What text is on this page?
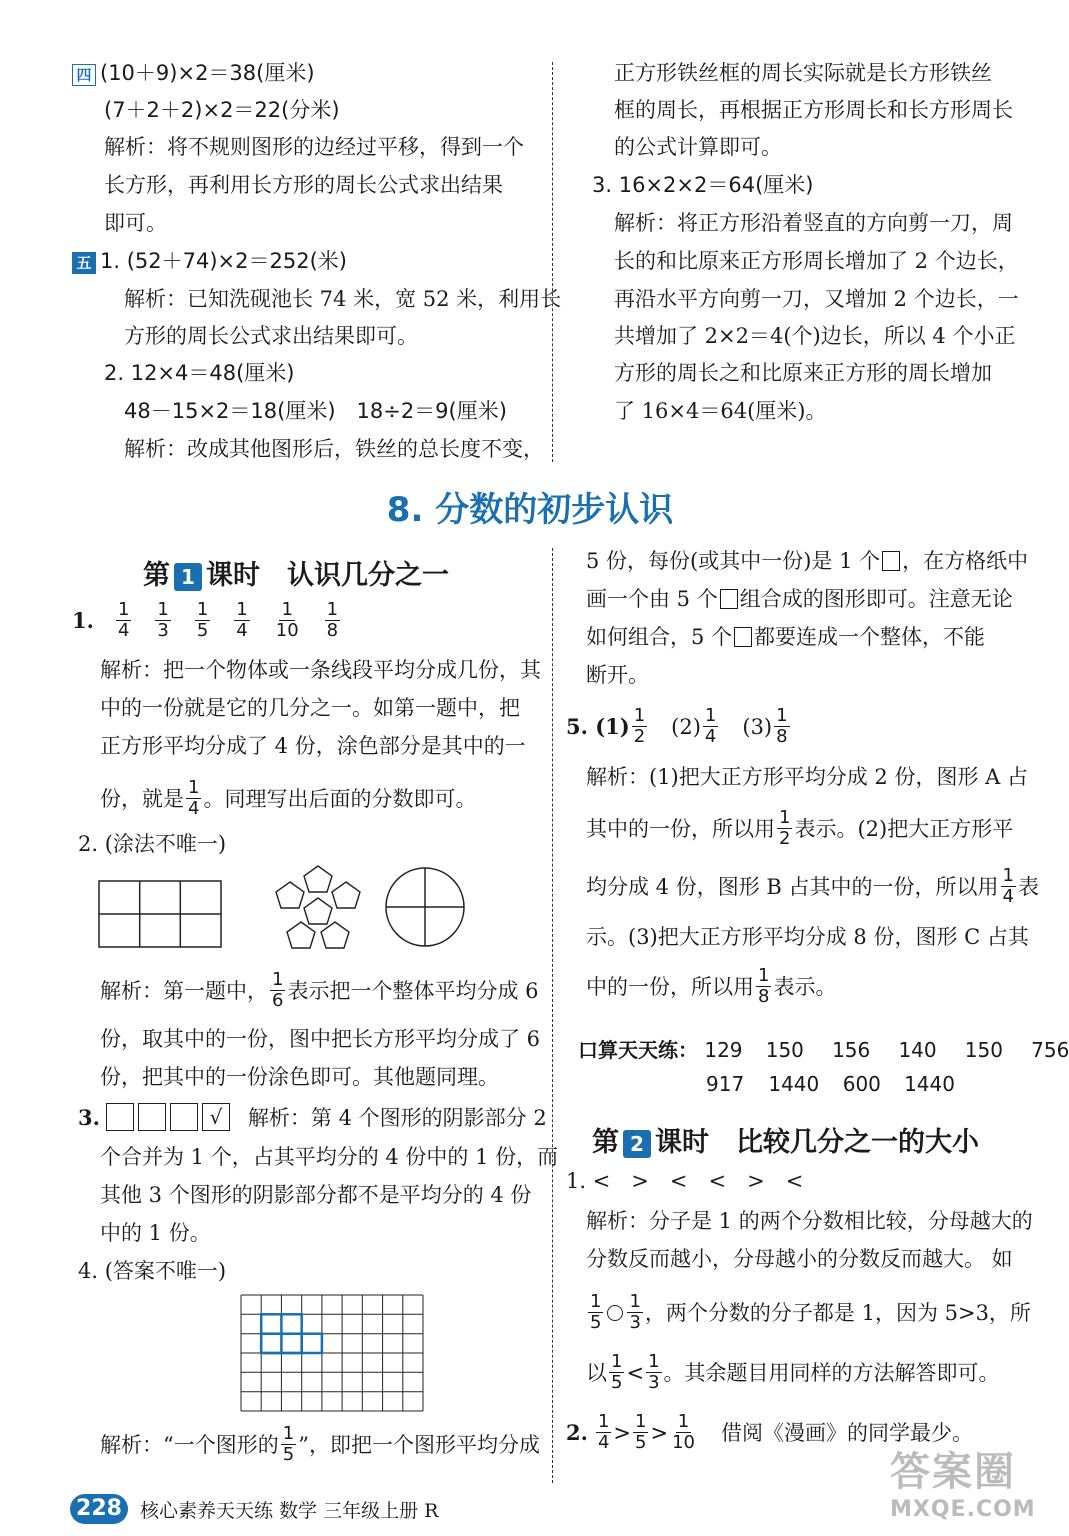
四 (10＋9)×2＝38(厘米)
(7＋2＋2)×2＝22(分米)
解析：将不规则图形的边经过平移，得到一个
长方形，再利用长方形的周长公式求出结果
即可。
五 1. (52＋74)×2＝252(米)
解析：已知洗砚池长 74 米，宽 52 米，利用长
方形的周长公式求出结果即可。
2. 12×4＝48(厘米)
48－15×2＝18(厘米)　18÷2＝9(厘米)
解析：改成其他图形后，铁丝的总长度不变，
正方形铁丝框的周长实际就是长方形铁丝
框的周长，再根据正方形周长和长方形周长
的公式计算即可。
3. 16×2×2＝64(厘米)
解析：将正方形沿着竖直的方向剪一刀，周
长的和比原来正方形周长增加了 2 个边长，
再沿水平方向剪一刀，又增加 2 个边长，一
共增加了 2×2＝4(个)边长，所以 4 个小正
方形的周长之和比原来正方形的周长增加
了 16×4＝64(厘米)。
8. 分数的初步认识
第 1 课时　认识几分之一
1. $\frac{1}{4} \frac{1}{3} \frac{1}{5} \frac{1}{4} \frac{1}{10} \frac{1}{8}$
解析：把一个物体或一条线段平均分成几份，其
中的一份就是它的几分之一。如第一题中，把
正方形平均分成了 4 份，涂色部分是其中的一
份，就是 $\frac{1}{4}$ 。同理写出后面的分数即可。
2. (涂法不唯一)
解析：第一题中， $\frac{1}{6}$ 表示把一个整体平均分成 6
份，取其中的一份，图中把长方形平均分成了 6
份，把其中的一份涂色即可。其他题同理。
3.	√	解析：第 4 个图形的阴影部分 2
个合并为 1 个，占其平均分的 4 份中的 1 份，而
其他 3 个图形的阴影部分都不是平均分的 4 份
中的 1 份。
4. (答案不唯一)
解析：“一个图形的 $\frac{1}{5}$ ”，即把一个图形平均分成
5 份，每份(或其中一份)是 1 个 ，在方格纸中
画一个由 5 个 组合成的图形即可。注意无论
如何组合，5 个 都要连成一个整体，不能
断开。
5. $(1) \frac{1}{2} (2) \frac{1}{4} (3) \frac{1}{8}$
解析：(1)把大正方形平均分成 2 份，图形 A 占
其中的一份，所以用 $\frac{1}{2}$ 表示。(2)把大正方形平
均分成 4 份，图形 B 占其中的一份，所以用 $\frac{1}{4}$ 表
示。(3)把大正方形平均分成 8 份，图形 C 占其
中的一份，所以用 $\frac{1}{8}$ 表示。
口算天天练： 129 150 156 140 150 756
917 1440 600 1440
第 2 课时　比较几分之一的大小
1. <　>　<　<　>　<
解析：分子是 1 的两个分数相比较，分母越大的
分数反而越小，分母越小的分数反而越大。 如
$\frac{1}{5} \frac{1}{3}$ ，两个分数的分子都是 1，因为 5>3，所
以 $\frac{1}{5} < \frac{1}{3}$ 。其余题目用同样的方法解答即可。
2. $\frac{1}{4} > \frac{1}{5} > \frac{1}{10}$ 借阅《漫画》的同学最少。
228 核心素养天天练 数学 三年级上册 R
答案圈
MXQE.COM
